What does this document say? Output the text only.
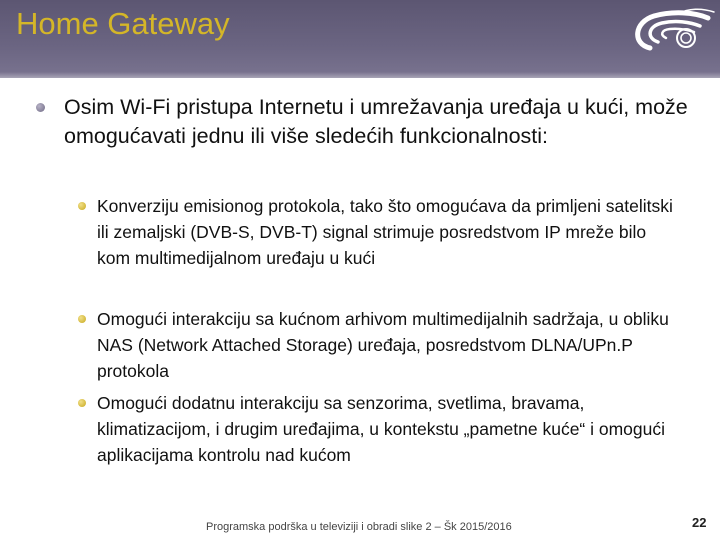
Home Gateway
Osim Wi-Fi pristupa Internetu i umrežavanja uređaja u kući, može omogućavati jednu ili više sledećih funkcionalnosti:
Konverziju emisionog protokola, tako što omogućava da primljeni satelitski ili zemaljski (DVB-S, DVB-T) signal strimuje posredstvom IP mreže bilo kom multimedijalnom uređaju u kući
Omogući interakciju sa kućnom arhivom multimedijalnih sadržaja, u obliku NAS (Network Attached Storage) uređaja, posredstvom DLNA/UPn.P protokola
Omogući dodatnu interakciju sa senzorima, svetlima, bravama, klimatizacijom, i drugim uređajima, u kontekstu „pametne kuće“ i omogući aplikacijama kontrolu nad kućom
Programska podrška u televiziji i obradi slike 2 – Šk 2015/2016	22
